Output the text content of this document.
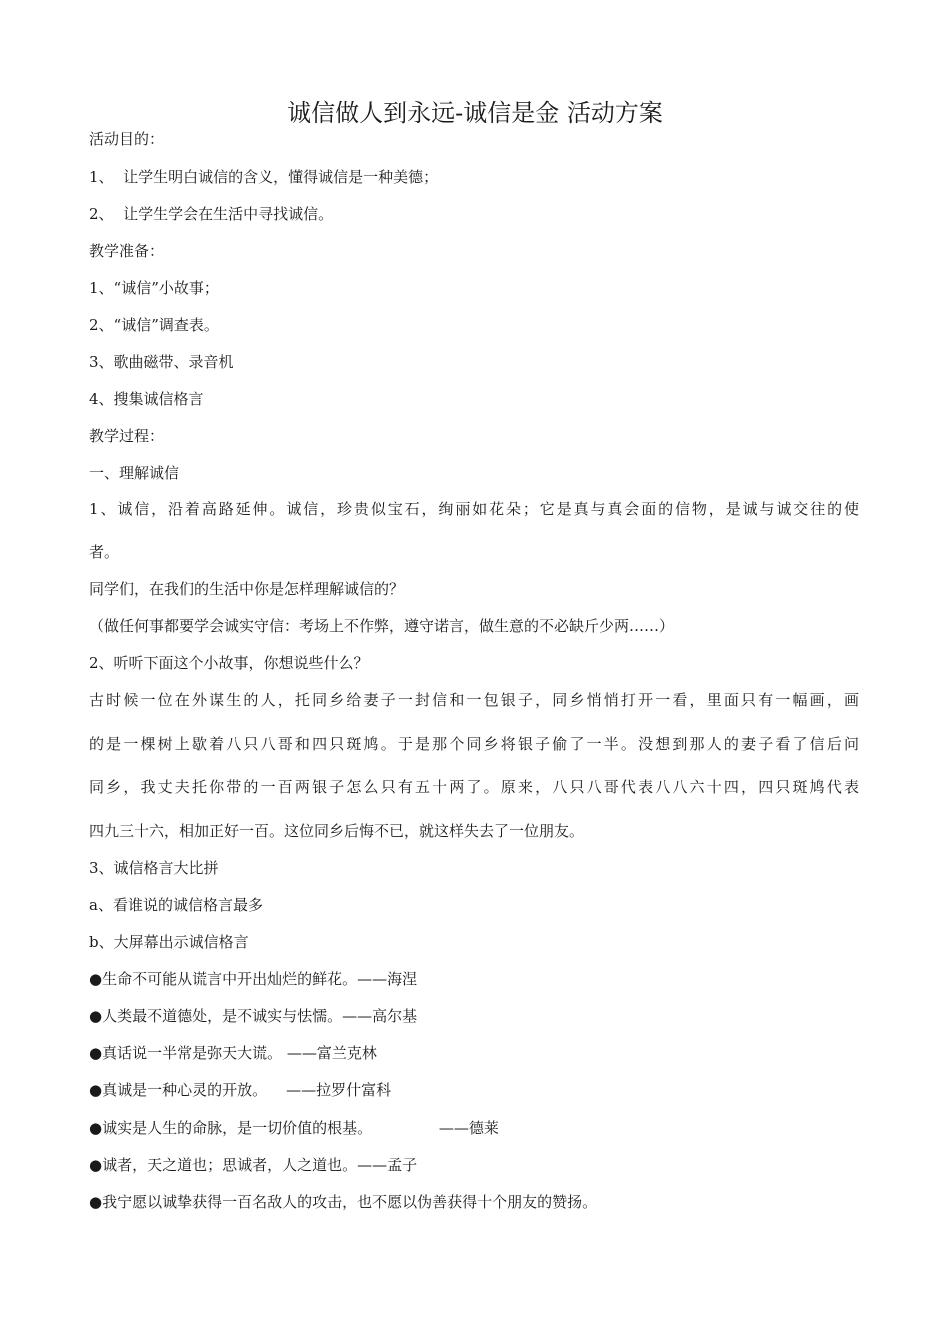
诚信做人到永远-诚信是金 活动方案
活动目的：
1、  让学生明白诚信的含义，懂得诚信是一种美德；
2、  让学生学会在生活中寻找诚信。
教学准备：
1、“诚信”小故事；
2、“诚信”调查表。
3、歌曲磁带、录音机
4、搜集诚信格言
教学过程：
一、理解诚信
1、诚信，沿着高路延伸。诚信，珍贵似宝石，绚丽如花朵；它是真与真会面的信物，是诚与诚交往的使
者。
同学们，在我们的生活中你是怎样理解诚信的？
（做任何事都要学会诚实守信：考场上不作弊，遵守诺言，做生意的不必缺斤少两……）
2、听听下面这个小故事，你想说些什么？
古时候一位在外谋生的人，托同乡给妻子一封信和一包银子，同乡悄悄打开一看，里面只有一幅画，画
的是一棵树上歇着八只八哥和四只斑鸠。于是那个同乡将银子偷了一半。没想到那人的妻子看了信后问
同乡，我丈夫托你带的一百两银子怎么只有五十两了。原来，八只八哥代表八八六十四，四只斑鸠代表
四九三十六，相加正好一百。这位同乡后悔不已，就这样失去了一位朋友。
3、诚信格言大比拼
a、看谁说的诚信格言最多
b、大屏幕出示诚信格言
●生命不可能从谎言中开出灿烂的鲜花。——海涅
●人类最不道德处，是不诚实与怯懦。——高尔基
●真话说一半常是弥天大谎。 ——富兰克林
●真诚是一种心灵的开放。    ——拉罗什富科
●诚实是人生的命脉，是一切价值的根基。              ——德莱
●诚者，天之道也；思诚者，人之道也。——孟子
●我宁愿以诚挚获得一百名敌人的攻击，也不愿以伪善获得十个朋友的赞扬。
